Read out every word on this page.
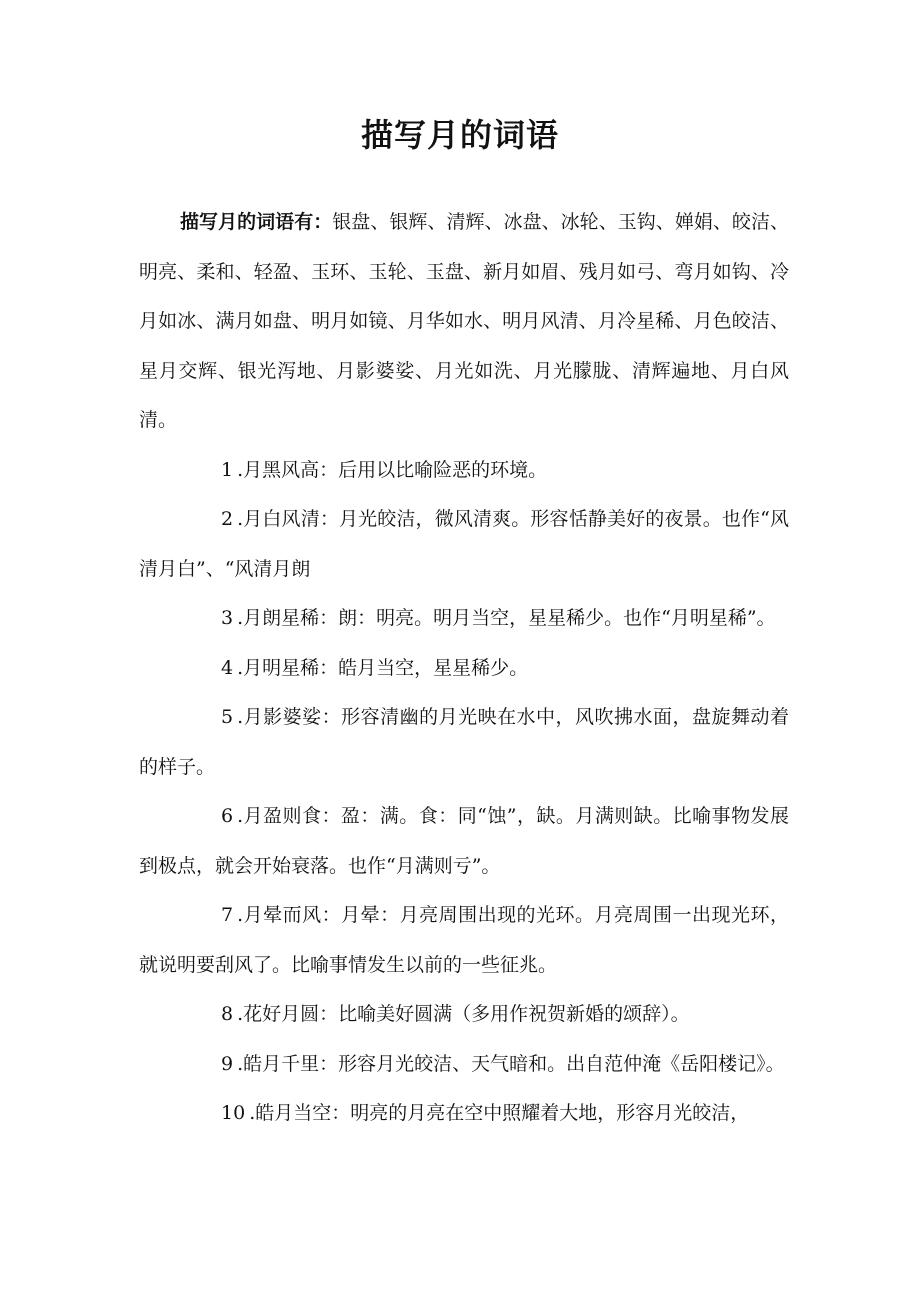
描写月的词语

描写月的词语有：银盘、银辉、清辉、冰盘、冰轮、玉钩、婵娟、皎洁、明亮、柔和、轻盈、玉环、玉轮、玉盘、新月如眉、残月如弓、弯月如钩、冷月如冰、满月如盘、明月如镜、月华如水、明月风清、月冷星稀、月色皎洁、星月交辉、银光泻地、月影婆娑、月光如洗、月光朦胧、清辉遍地、月白风清。

1 .月黑风高：后用以比喻险恶的环境。

2 .月白风清：月光皎洁，微风清爽。形容恬静美好的夜景。也作“风清月白”、“风清月朗

3 .月朗星稀：朗：明亮。明月当空，星星稀少。也作“月明星稀”。

4 .月明星稀：皓月当空，星星稀少。

5 .月影婆娑：形容清幽的月光映在水中，风吹拂水面，盘旋舞动着的样子。

6 .月盈则食：盈：满。食：同“蚀”，缺。月满则缺。比喻事物发展到极点，就会开始衰落。也作“月满则亏”。

7 .月晕而风：月晕：月亮周围出现的光环。月亮周围一出现光环，就说明要刮风了。比喻事情发生以前的一些征兆。

8 .花好月圆：比喻美好圆满（多用作祝贺新婚的颂辞）。

9 .皓月千里：形容月光皎洁、天气暗和。出自范仲淹《岳阳楼记》。

10 .皓月当空：明亮的月亮在空中照耀着大地，形容月光皎洁，
